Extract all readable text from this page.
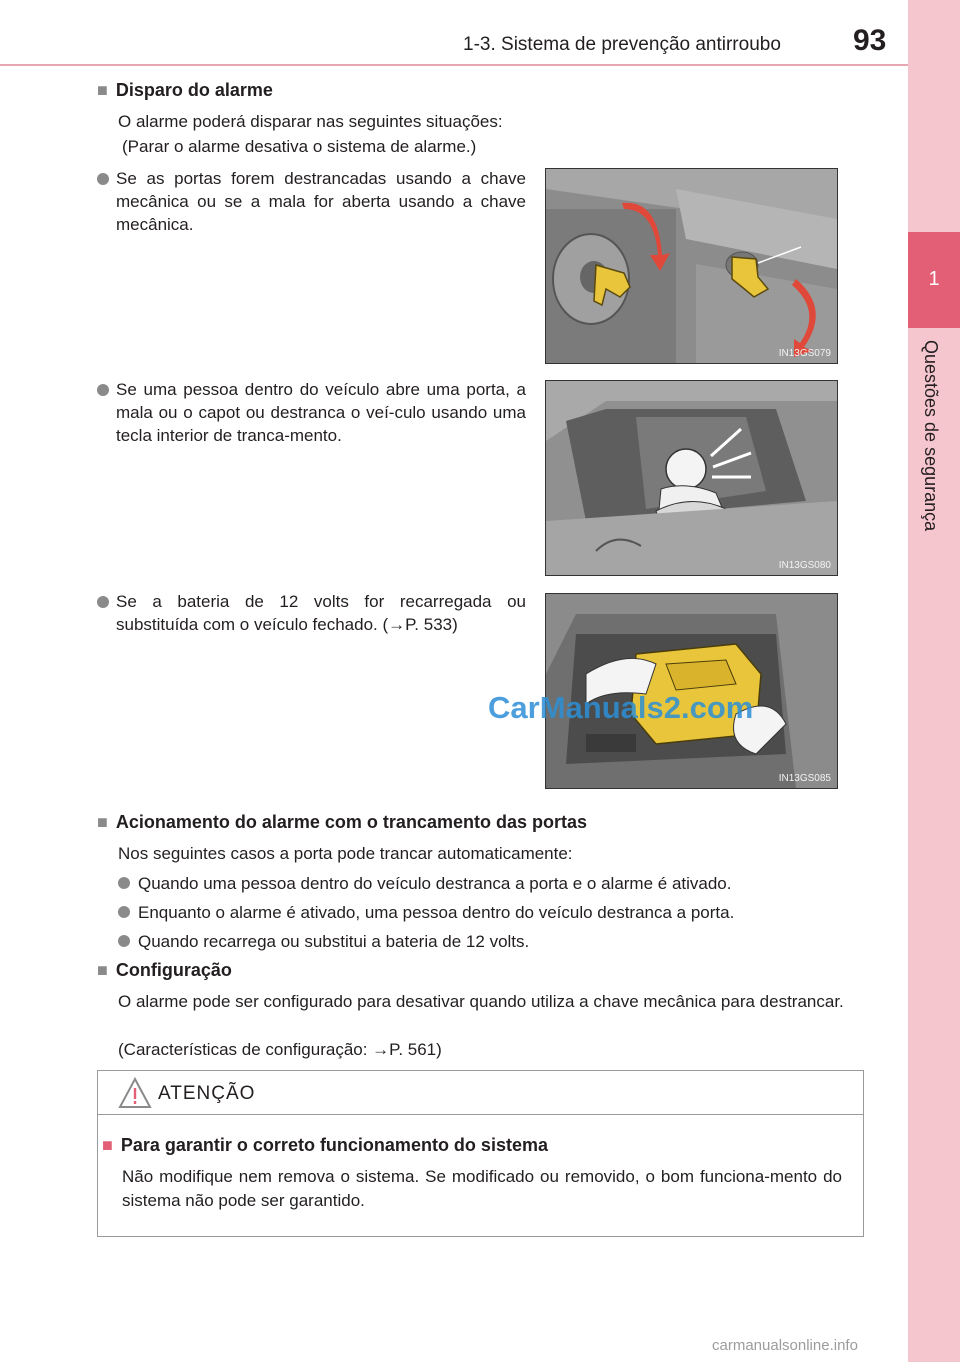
1-3. Sistema de prevenção antirroubo 93
1
Questões de segurança
■ Disparo do alarme
O alarme poderá disparar nas seguintes situações:
(Parar o alarme desativa o sistema de alarme.)
Se as portas forem destrancadas usando a chave mecânica ou se a mala for aberta usando a chave mecânica.
Se uma pessoa dentro do veículo abre uma porta, a mala ou o capot ou destranca o veí-culo usando uma tecla interior de tranca-mento.
Se a bateria de 12 volts for recarregada ou substituída com o veículo fechado. (→P. 533)
IN13GS079
IN13GS080
IN13GS085
CarManuals2.com
■ Acionamento do alarme com o trancamento das portas
Nos seguintes casos a porta pode trancar automaticamente:
Quando uma pessoa dentro do veículo destranca a porta e o alarme é ativado.
Enquanto o alarme é ativado, uma pessoa dentro do veículo destranca a porta.
Quando recarrega ou substitui a bateria de 12 volts.
■ Configuração
O alarme pode ser configurado para desativar quando utiliza a chave mecânica para destrancar.
(Características de configuração: →P. 561)
ATENÇÃO
■ Para garantir o correto funcionamento do sistema
Não modifique nem remova o sistema. Se modificado ou removido, o bom funciona-mento do sistema não pode ser garantido.
carmanualsonline.info
